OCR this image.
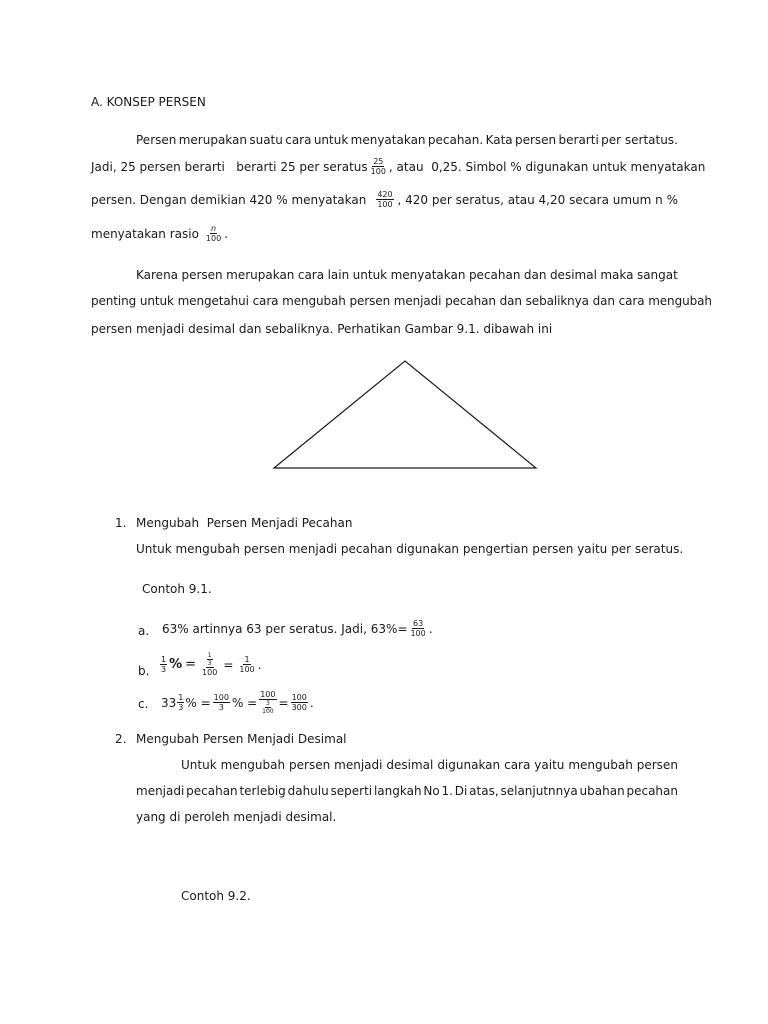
A. KONSEP PERSEN
Persen merupakan suatu cara untuk menyatakan pecahan. Kata persen berarti per sertatus.
Jadi, 25 persen berarti   berarti 25 per seratus $\frac{25}{100}$ , atau  0,25. Simbol % digunakan untuk menyatakan
persen. Dengan demikian 420 % menyatakan $\frac{420}{100}$ , 420 per seratus, atau 4,20 secara umum n %
menyatakan rasio $\frac{n}{100}$ .
Karena persen merupakan cara lain untuk menyatakan pecahan dan desimal maka sangat
penting untuk mengetahui cara mengubah persen menjadi pecahan dan sebaliknya dan cara mengubah
persen menjadi desimal dan sebaliknya. Perhatikan Gambar 9.1. dibawah ini
1. Mengubah  Persen Menjadi Pecahan
Untuk mengubah persen menjadi pecahan digunakan pengertian persen yaitu per seratus.
Contoh 9.1.
a. 63% artinnya 63 per seratus. Jadi, $63\%= \frac{63}{100}$ .
b. $\frac{1}{3}$ % = $\frac{\frac{1}{3}}{100} = \frac{1}{100}$ .
c. $33 \frac{1}{3}$ % = $\frac{100}{3}$ % = $\frac{100}{\frac{3}{100}} = \frac{100}{300}$ .
2. Mengubah Persen Menjadi Desimal
Untuk mengubah persen menjadi desimal digunakan cara yaitu mengubah persen
menjadi pecahan terlebig dahulu seperti langkah No 1. Di atas, selanjutnnya ubahan pecahan
yang di peroleh menjadi desimal.
Contoh 9.2.
